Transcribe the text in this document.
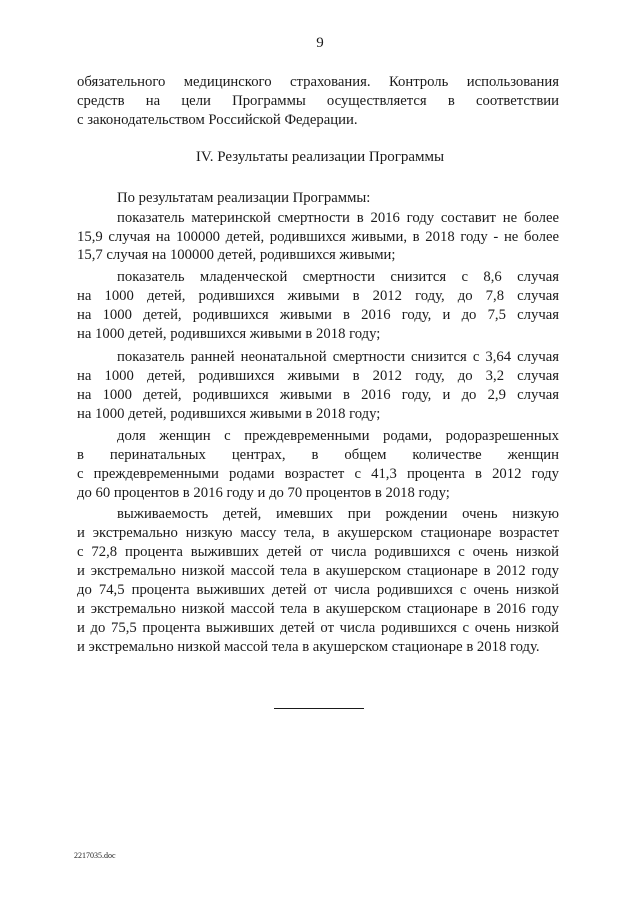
9
обязательного медицинского страхования. Контроль использования
средств на цели Программы осуществляется в соответствии
с законодательством Российской Федерации.
IV. Результаты реализации Программы
По результатам реализации Программы:
показатель материнской смертности в 2016 году составит не более
15,9 случая на 100000 детей, родившихся живыми, в 2018 году - не более
15,7 случая на 100000 детей, родившихся живыми;
показатель младенческой смертности снизится с 8,6 случая
на 1000 детей, родившихся живыми в 2012 году, до 7,8 случая
на 1000 детей, родившихся живыми в 2016 году, и до 7,5 случая
на 1000 детей, родившихся живыми в 2018 году;
показатель ранней неонатальной смертности снизится с 3,64 случая
на 1000 детей, родившихся живыми в 2012 году, до 3,2 случая
на 1000 детей, родившихся живыми в 2016 году, и до 2,9 случая
на 1000 детей, родившихся живыми в 2018 году;
доля женщин с преждевременными родами, родоразрешенных
в перинатальных центрах, в общем количестве женщин
с преждевременными родами возрастет с 41,3 процента в 2012 году
до 60 процентов в 2016 году и до 70 процентов в 2018 году;
выживаемость детей, имевших при рождении очень низкую
и экстремально низкую массу тела, в акушерском стационаре возрастет
с 72,8 процента выживших детей от числа родившихся с очень низкой
и экстремально низкой массой тела в акушерском стационаре в 2012 году
до 74,5 процента выживших детей от числа родившихся с очень низкой
и экстремально низкой массой тела в акушерском стационаре в 2016 году
и до 75,5 процента выживших детей от числа родившихся с очень низкой
и экстремально низкой массой тела в акушерском стационаре в 2018 году.
2217035.doc
